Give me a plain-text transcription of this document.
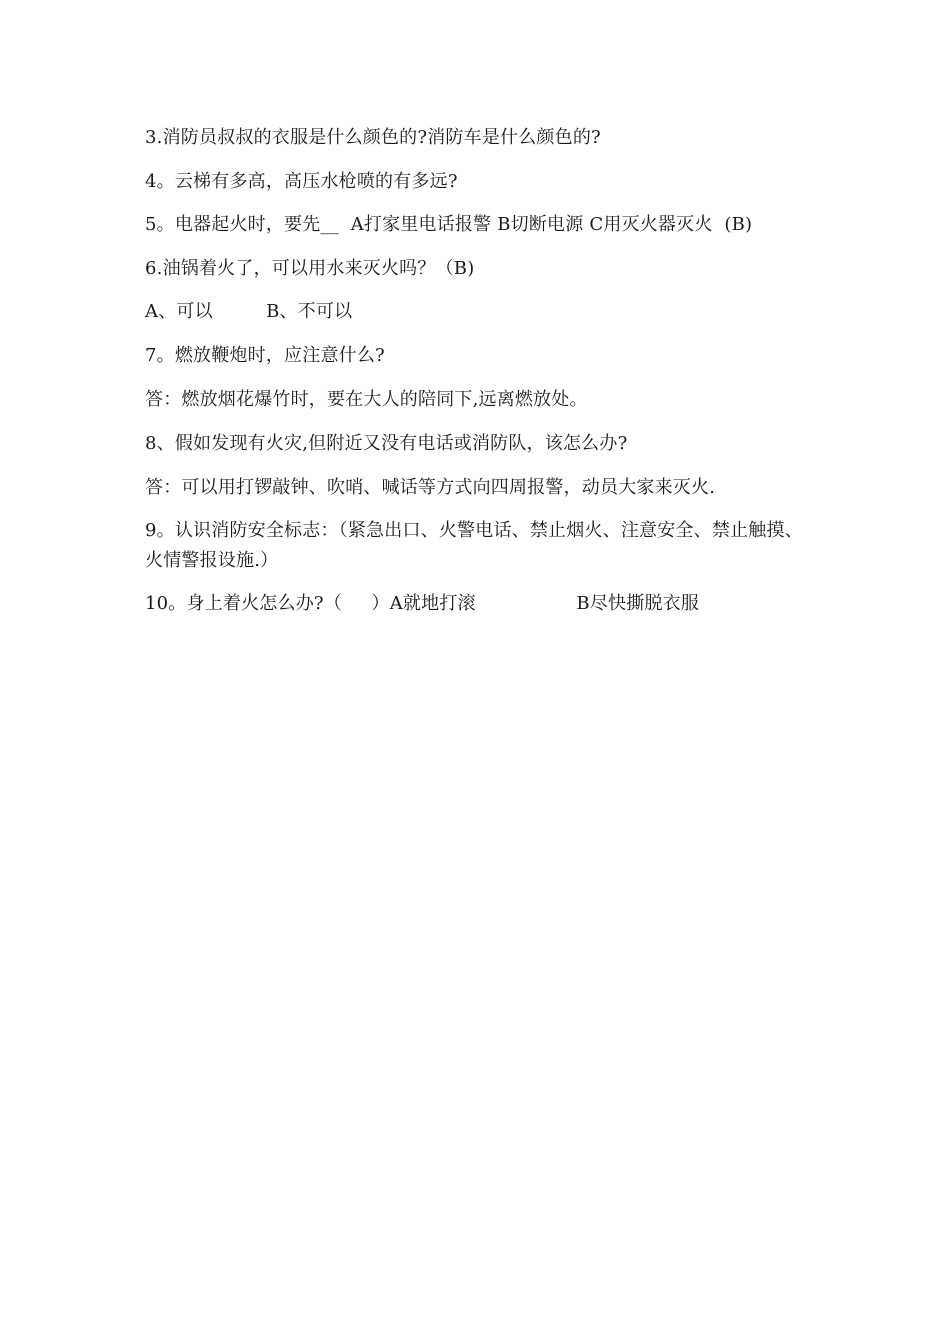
3.消防员叔叔的衣服是什么颜色的?消防车是什么颜色的?
4。云梯有多高，高压水枪喷的有多远?
5。电器起火时，要先__  A打家里电话报警 B切断电源 C用灭火器灭火  (B)
6.油锅着火了，可以用水来灭火吗？（B)
A、可以         B、不可以
7。燃放鞭炮时，应注意什么?
答：燃放烟花爆竹时，要在大人的陪同下,远离燃放处。
8、假如发现有火灾,但附近又没有电话或消防队，该怎么办?
答：可以用打锣敲钟、吹哨、喊话等方式向四周报警，动员大家来灭火.
9。认识消防安全标志：（紧急出口、火警电话、禁止烟火、注意安全、禁止触摸、火情警报设施.）
10。身上着火怎么办?（     ）A就地打滚                 B尽快撕脱衣服
